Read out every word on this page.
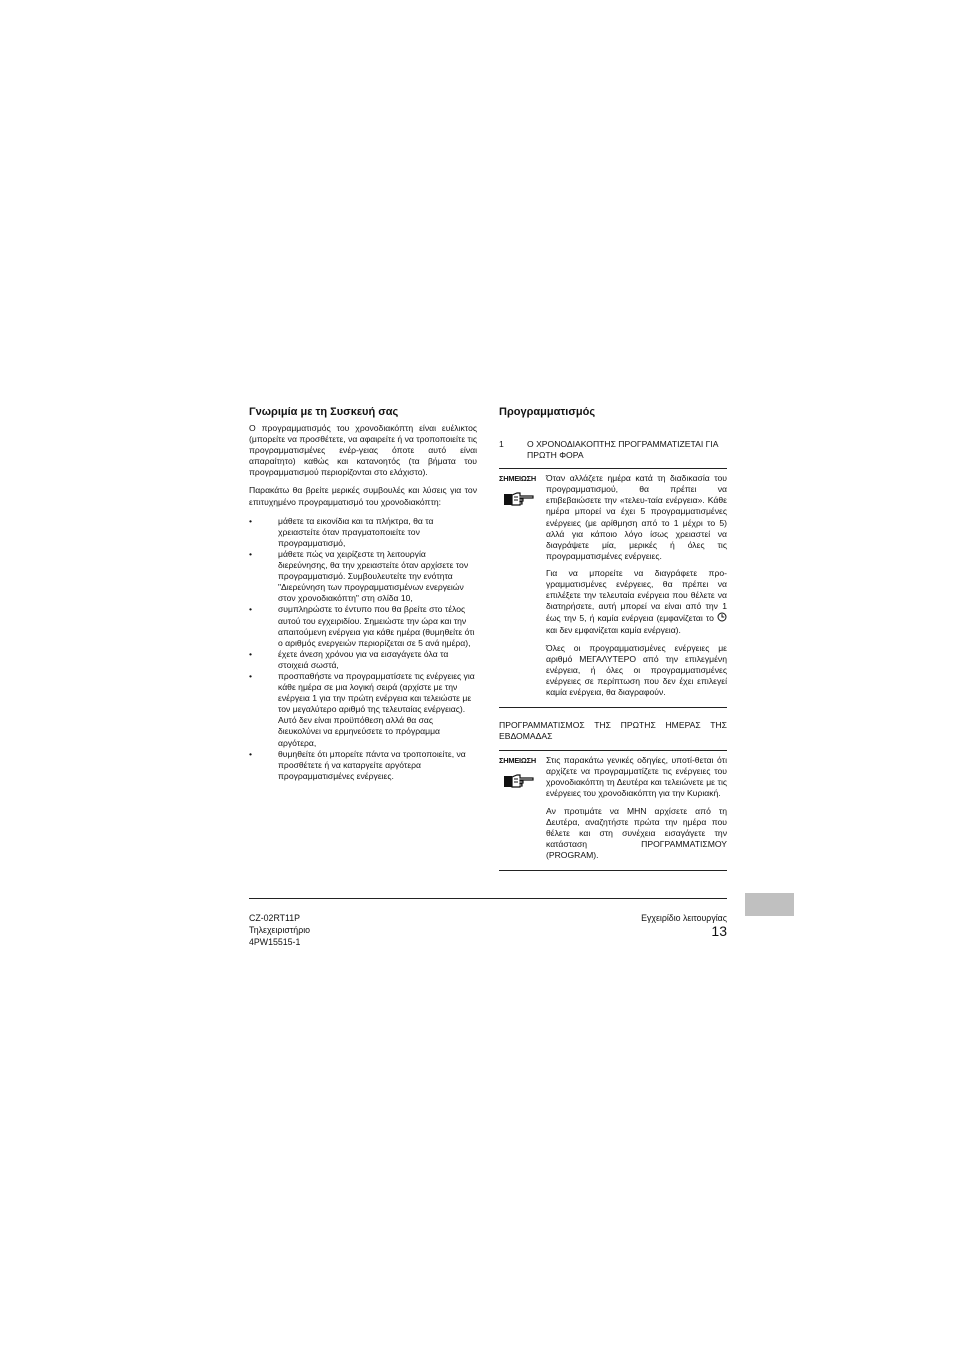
Γνωριμία με τη Συσκευή σας

Ο προγραμματισμός του χρονοδιακόπτη είναι ευέλικτος (μπορείτε να προσθέτετε, να αφαιρείτε ή να τροποποιείτε τις προγραμματισμένες ενέρ-γειας όποτε αυτό είναι απαραίτητο) καθώς και κατανοητός (τα βήματα του προγραμματισμού περιορίζονται στο ελάχιστο).

Παρακάτω θα βρείτε μερικές συμβουλές και λύσεις για τον επιτυχημένο προγραμματισμό του χρονοδιακόπτη:

• μάθετε τα εικονίδια και τα πλήκτρα, θα τα χρειαστείτε όταν πραγματοποιείτε τον προγραμματισμό,
• μάθετε πώς να χειρίζεστε τη λειτουργία διερεύνησης, θα την χρειαστείτε όταν αρχίσετε τον προγραμματισμό. Συμβουλευτείτε την ενότητα "Διερεύνηση των προγραμματισμένων ενεργειών στον χρονοδιακόπτη" στη σλίδα 10,
• συμπληρώστε το έντυπο που θα βρείτε στο τέλος αυτού του εγχειριδίου. Σημειώστε την ώρα και την απαιτούμενη ενέργεια για κάθε ημέρα (θυμηθείτε ότι ο αριθμός ενεργειών περιορίζεται σε 5 ανά ημέρα),
• έχετε άνεση χρόνου για να εισαγάγετε όλα τα στοιχειά σωστά,
• προσπαθήστε να προγραμματίσετε τις ενέργειες για κάθε ημέρα σε μια λογική σειρά (αρχίστε με την ενέργεια 1 για την πρώτη ενέργεια και τελειώστε με τον μεγαλύτερο αριθμό της τελευταίας ενέργειας). Αυτό δεν είναι προϋπόθεση αλλά θα σας διευκολύνει να ερμηνεύσετε το πρόγραμμα αργότερα,
• θυμηθείτε ότι μπορείτε πάντα να τροποποιείτε, να προσθέτετε ή να καταργείτε αργότερα προγραμματισμένες ενέργειες.
Προγραμματισμός
1	Ο ΧΡΟΝΟΔΙΑΚΟΠΤΗΣ ΠΡΟΓΡΑΜΜΑΤΙΖΕΤΑΙ ΓΙΑ ΠΡΩΤΗ ΦΟΡΑ
ΣΗΜΕΙΩΣΗ	Όταν αλλάζετε ημέρα κατά τη διαδικασία του προγραμματισμού, θα πρέπει να επιβεβαιώσετε την «τελευ-ταία ενέργεια». Κάθε ημέρα μπορεί να έχει 5 προγραμματισμένες ενέργειες (με αρίθμηση από το 1 μέχρι το 5) αλλά για κάποιο λόγο ίσως χρειαστεί να διαγράψετε μία, μερικές ή όλες τις προγραμματισμένες ενέργειες.

Για να μπορείτε να διαγράφετε προ-γραμματισμένες ενέργειες, θα πρέπει να επιλέξετε την τελευταία ενέργεια που θέλετε να διατηρήσετε, αυτή μπορεί να είναι από την 1 έως την 5, ή καμία ενέργεια (εμφανίζεται το  και δεν εμφανίζεται καμία ενέργεια).

Όλες οι προγραμματισμένες ενέργειες με αριθμό ΜΕΓΑΛΥΤΕΡΟ από την επιλεγμένη ενέργεια, ή όλες οι προγραμματισμένες ενέργειες σε περίπτωση που δεν έχει επιλεγεί καμία ενέργεια, θα διαγραφούν.

ΠΡΟΓΡΑΜΜΑΤΙΣΜΟΣ ΤΗΣ ΠΡΩΤΗΣ ΗΜΕΡΑΣ ΤΗΣ ΕΒΔΟΜΑΔΑΣ
ΣΗΜΕΙΩΣΗ	Στις παρακάτω γενικές οδηγίες, υποτί-θεται ότι αρχίζετε να προγραμματίζετε τις ενέργειες του χρονοδιακόπτη τη Δευτέρα και τελειώνετε με τις ενέργειες του χρονοδιακόπτη για την Κυριακή.

Αν προτιμάτε να ΜΗΝ αρχίσετε από τη Δευτέρα, αναζητήστε πρώτα την ημέρα που θέλετε και στη συνέχεια εισαγάγετε την κατάσταση ΠΡΟΓΡΑΜΜΑΤΙΣΜΟΥ (PROGRAM).

CZ-02RT11P
Τηλεχειριστήριο
4PW15515-1
Εγχειρίδιο λειτουργίας
13
